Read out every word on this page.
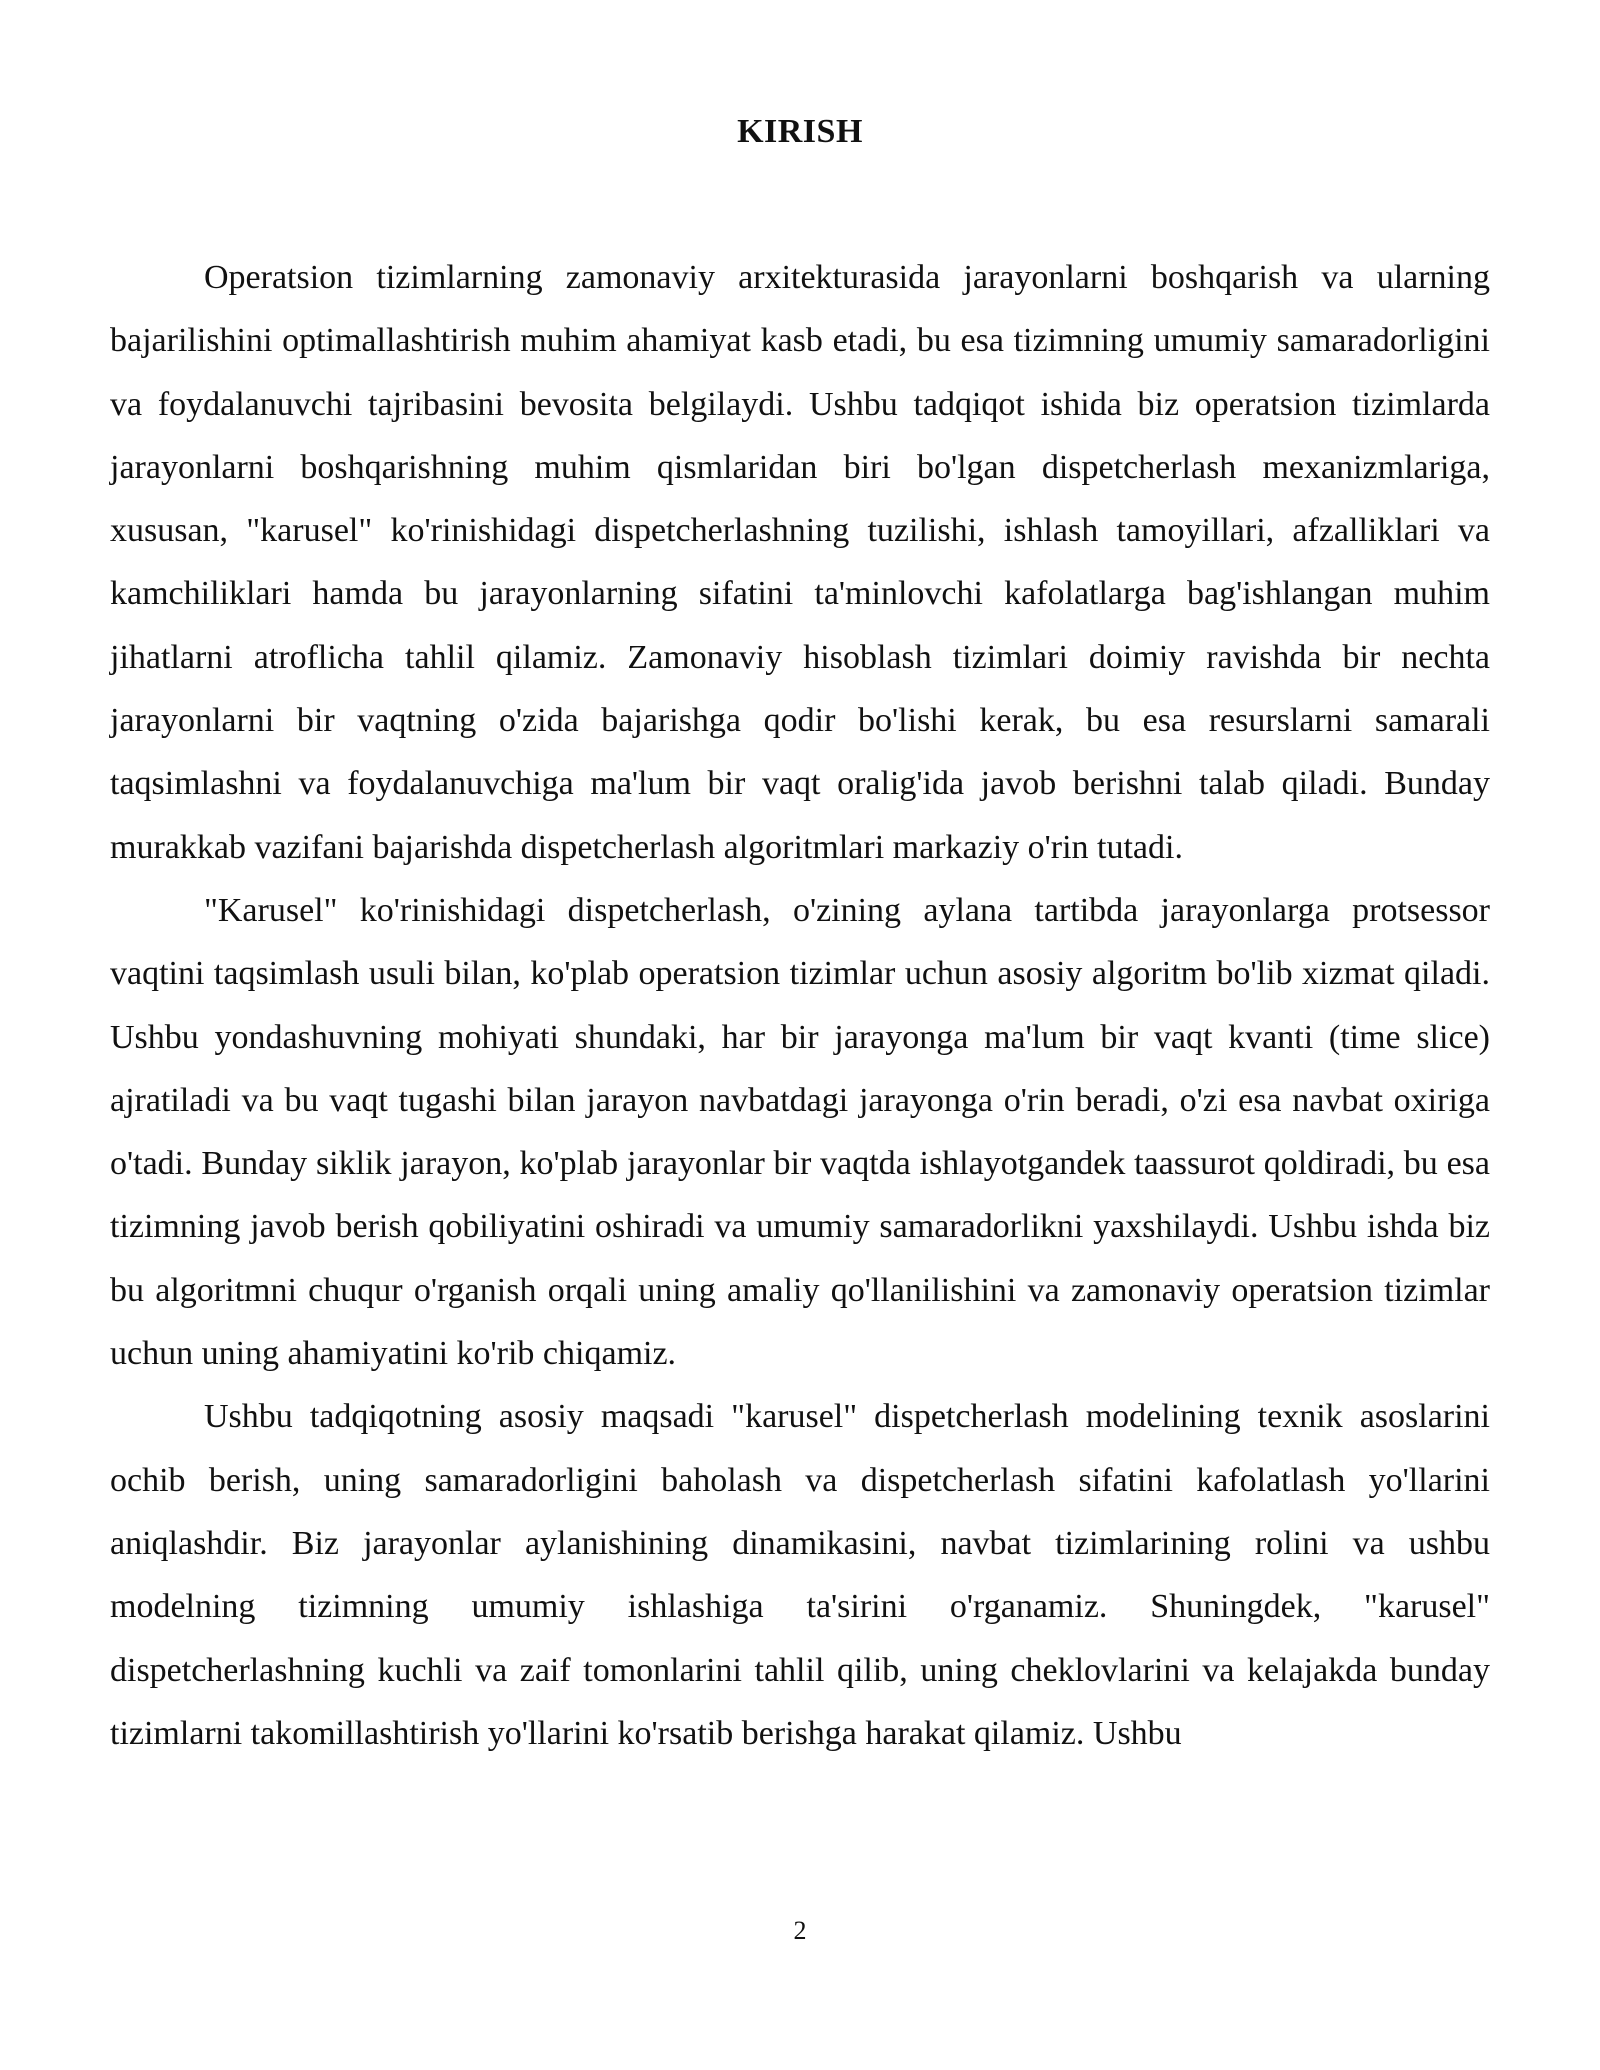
KIRISH

Operatsion tizimlarning zamonaviy arxitekturasida jarayonlarni boshqarish va ularning bajarilishini optimallashtirish muhim ahamiyat kasb etadi, bu esa tizimning umumiy samaradorligini va foydalanuvchi tajribasini bevosita belgilaydi. Ushbu tadqiqot ishida biz operatsion tizimlarda jarayonlarni boshqarishning muhim qismlaridan biri bo'lgan dispetcherlash mexanizmlariga, xususan, "karusel" ko'rinishidagi dispetcherlashning tuzilishi, ishlash tamoyillari, afzalliklari va kamchiliklari hamda bu jarayonlarning sifatini ta'minlovchi kafolatlarga bag'ishlangan muhim jihatlarni atroflicha tahlil qilamiz. Zamonaviy hisoblash tizimlari doimiy ravishda bir nechta jarayonlarni bir vaqtning o'zida bajarishga qodir bo'lishi kerak, bu esa resurslarni samarali taqsimlashni va foydalanuvchiga ma'lum bir vaqt oralig'ida javob berishni talab qiladi. Bunday murakkab vazifani bajarishda dispetcherlash algoritmlari markaziy o'rin tutadi.

"Karusel" ko'rinishidagi dispetcherlash, o'zining aylana tartibda jarayonlarga protsessor vaqtini taqsimlash usuli bilan, ko'plab operatsion tizimlar uchun asosiy algoritm bo'lib xizmat qiladi. Ushbu yondashuvning mohiyati shundaki, har bir jarayonga ma'lum bir vaqt kvanti (time slice) ajratiladi va bu vaqt tugashi bilan jarayon navbatdagi jarayonga o'rin beradi, o'zi esa navbat oxiriga o'tadi. Bunday siklik jarayon, ko'plab jarayonlar bir vaqtda ishlayotgandek taassurot qoldiradi, bu esa tizimning javob berish qobiliyatini oshiradi va umumiy samaradorlikni yaxshilaydi. Ushbu ishda biz bu algoritmni chuqur o'rganish orqali uning amaliy qo'llanilishini va zamonaviy operatsion tizimlar uchun uning ahamiyatini ko'rib chiqamiz.

Ushbu tadqiqotning asosiy maqsadi "karusel" dispetcherlash modelining texnik asoslarini ochib berish, uning samaradorligini baholash va dispetcherlash sifatini kafolatlash yo'llarini aniqlashdir. Biz jarayonlar aylanishining dinamikasini, navbat tizimlarining rolini va ushbu modelning tizimning umumiy ishlashiga ta'sirini o'rganamiz. Shuningdek, "karusel" dispetcherlashning kuchli va zaif tomonlarini tahlil qilib, uning cheklovlarini va kelajakda bunday tizimlarni takomillashtirish yo'llarini ko'rsatib berishga harakat qilamiz. Ushbu

2
